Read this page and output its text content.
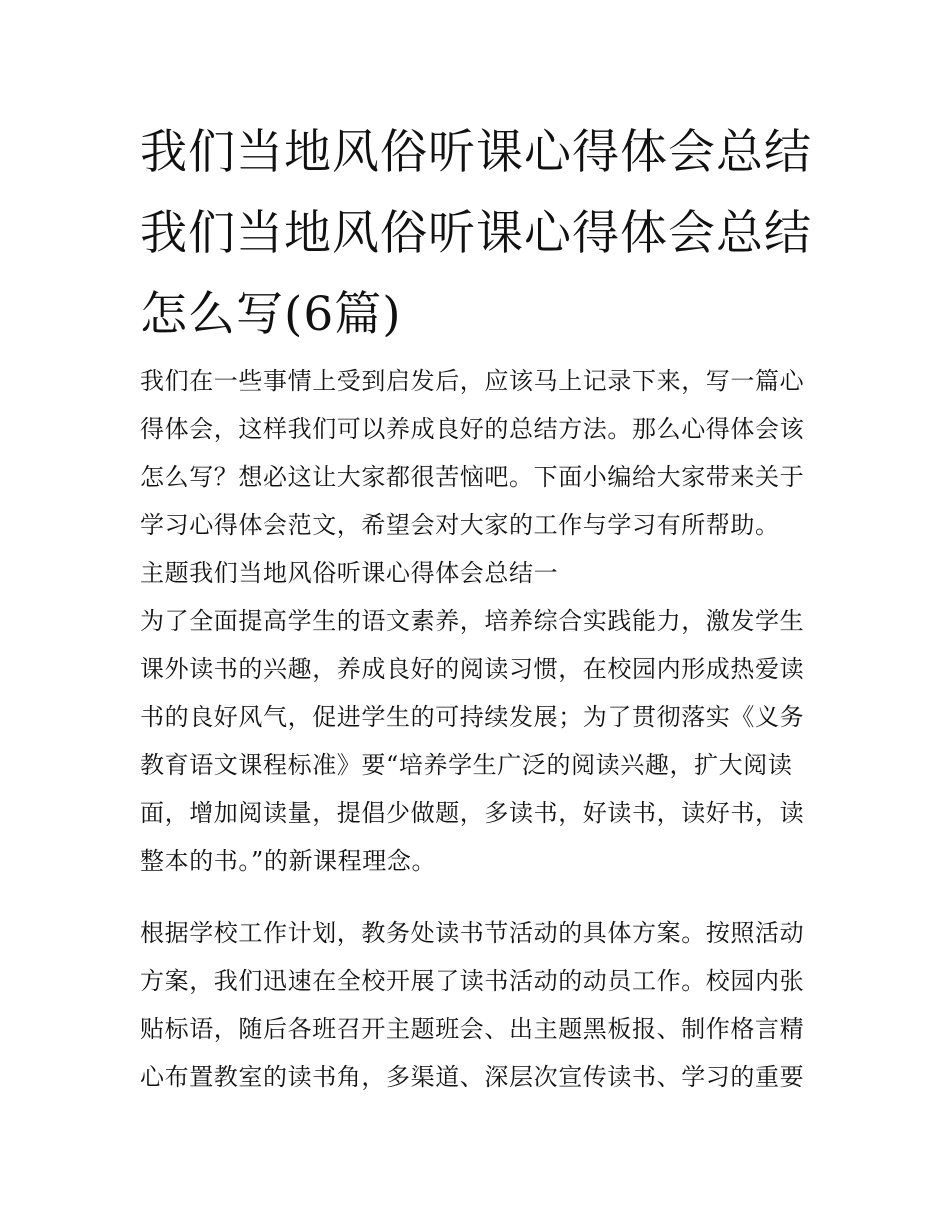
我们当地风俗听课心得体会总结 我们当地风俗听课心得体会总结怎么写(6篇)

我们在一些事情上受到启发后，应该马上记录下来，写一篇心得体会，这样我们可以养成良好的总结方法。那么心得体会该怎么写？想必这让大家都很苦恼吧。下面小编给大家带来关于学习心得体会范文，希望会对大家的工作与学习有所帮助。

主题我们当地风俗听课心得体会总结一

为了全面提高学生的语文素养，培养综合实践能力，激发学生课外读书的兴趣，养成良好的阅读习惯，在校园内形成热爱读书的良好风气，促进学生的可持续发展；为了贯彻落实《义务教育语文课程标准》要“培养学生广泛的阅读兴趣，扩大阅读面，增加阅读量，提倡少做题，多读书，好读书，读好书，读整本的书。”的新课程理念。

根据学校工作计划，教务处读书节活动的具体方案。按照活动方案，我们迅速在全校开展了读书活动的动员工作。校园内张贴标语，随后各班召开主题班会、出主题黑板报、制作格言精心布置教室的读书角，多渠道、深层次宣传读书、学习的重要
